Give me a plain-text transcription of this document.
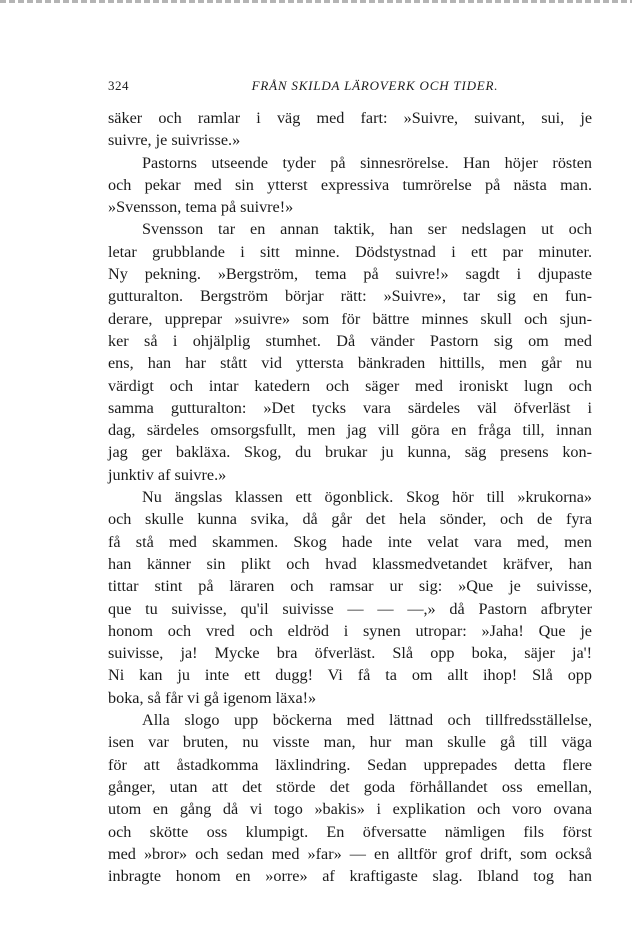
324	FRÅN SKILDA LÄROVERK OCH TIDER.
säker och ramlar i väg med fart: »Suivre, suivant, sui, je
suivre, je suivrisse.»
Pastorns utseende tyder på sinnesrörelse. Han höjer rösten
och pekar med sin ytterst expressiva tumrörelse på nästa man.
»Svensson, tema på suivre!»
Svensson tar en annan taktik, han ser nedslagen ut och
letar grubblande i sitt minne. Dödstystnad i ett par minuter.
Ny pekning. »Bergström, tema på suivre!» sagdt i djupaste
gutturalton. Bergström börjar rätt: »Suivre», tar sig en fun-
derare, upprepar »suivre» som för bättre minnes skull och sjun-
ker så i ohjälplig stumhet. Då vänder Pastorn sig om med
ens, han har stått vid yttersta bänkraden hittills, men går nu
värdigt och intar katedern och säger med ironiskt lugn och
samma gutturalton: »Det tycks vara särdeles väl öfverläst i
dag, särdeles omsorgsfullt, men jag vill göra en fråga till, innan
jag ger bakläxa. Skog, du brukar ju kunna, säg presens kon-
junktiv af suivre.»
Nu ängslas klassen ett ögonblick. Skog hör till »krukorna»
och skulle kunna svika, då går det hela sönder, och de fyra
få stå med skammen. Skog hade inte velat vara med, men
han känner sin plikt och hvad klassmedvetandet kräfver, han
tittar stint på läraren och ramsar ur sig: »Que je suivisse,
que tu suivisse, qu'il suivisse — — —,» då Pastorn afbryter
honom och vred och eldröd i synen utropar: »Jaha! Que je
suivisse, ja! Mycke bra öfverläst. Slå opp boka, säjer ja'!
Ni kan ju inte ett dugg! Vi få ta om allt ihop! Slå opp
boka, så får vi gå igenom läxa!»
Alla slogo upp böckerna med lättnad och tillfredsställelse,
isen var bruten, nu visste man, hur man skulle gå till väga
för att åstadkomma läxlindring. Sedan upprepades detta flere
gånger, utan att det störde det goda förhållandet oss emellan,
utom en gång då vi togo »bakis» i explikation och voro ovana
och skötte oss klumpigt. En öfversatte nämligen fils först
med »bror» och sedan med »far» — en alltför grof drift, som också
inbragte honom en »orre» af kraftigaste slag. Ibland tog han
